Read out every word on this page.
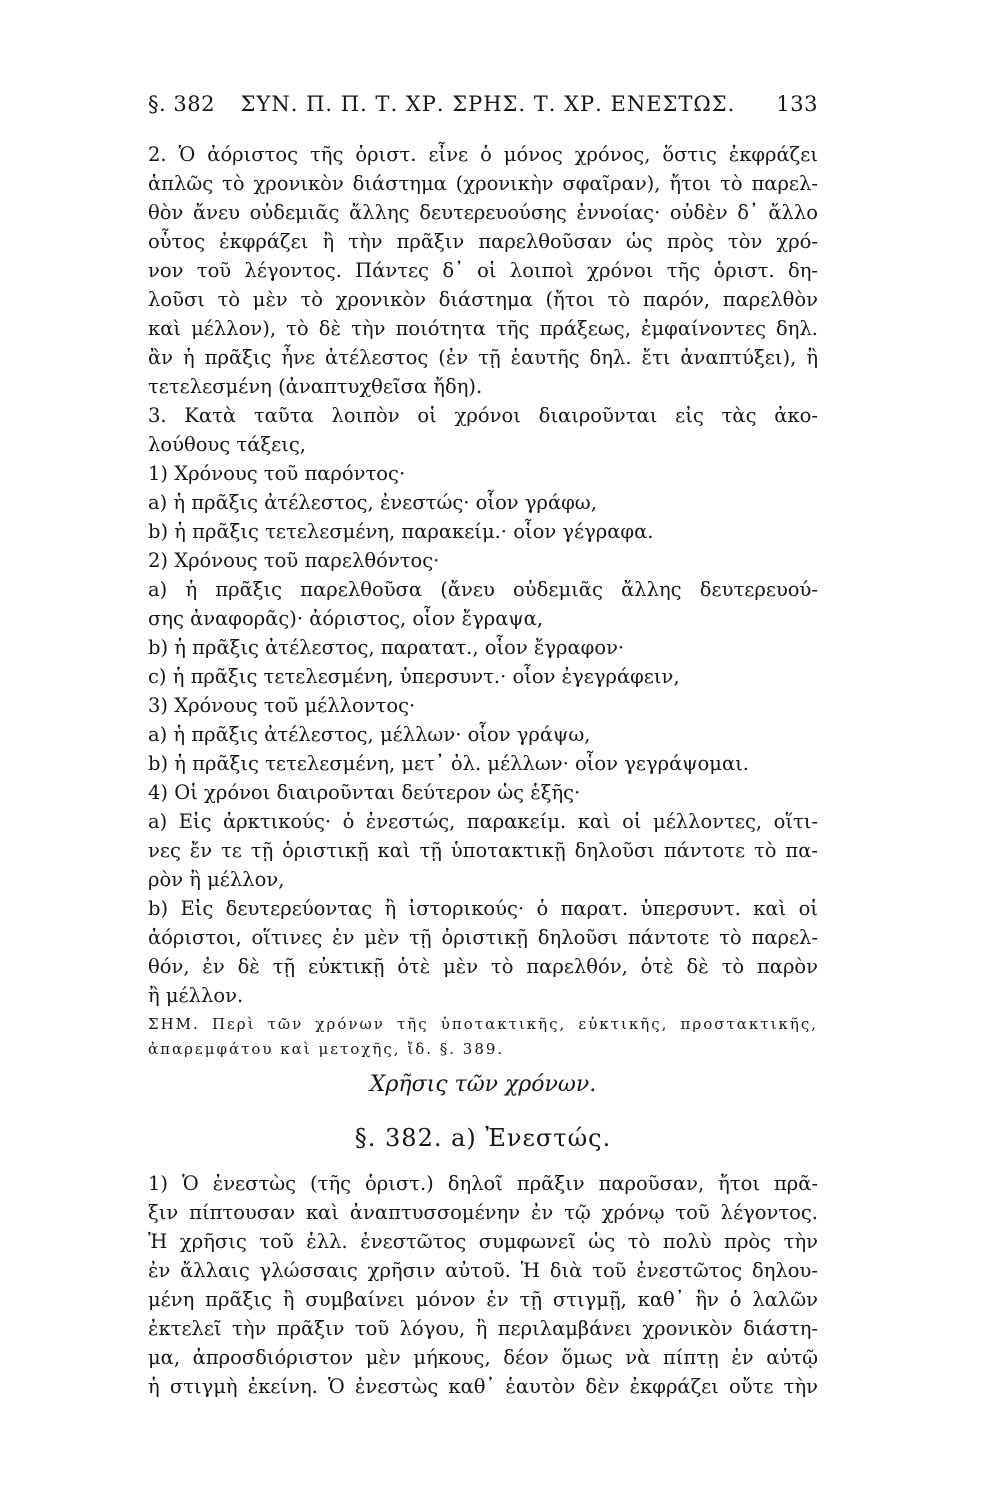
§. 382	ΣΥΝ. Π. Π. Τ. ΧΡ. ΣΡΗΣ. Τ. ΧΡ. ΕΝΕΣΤΩΣ.	133
2. Ὁ ἀόριστος τῆς ὁριστ. εἶνε ὁ μόνος χρόνος, ὅστις ἐκφράζει
ἁπλῶς τὸ χρονικὸν διάστημα (χρονικὴν σφαῖραν), ἤτοι τὸ παρελ-
θὸν ἄνευ οὐδεμιᾶς ἄλλης δευτερευούσης ἐννοίας· οὐδὲν δ᾽ ἄλλο
οὗτος ἐκφράζει ἢ τὴν πρᾶξιν παρελθοῦσαν ὡς πρὸς τὸν χρό-
νον τοῦ λέγοντος. Πάντες δ᾽ οἱ λοιποὶ χρόνοι τῆς ὁριστ. δη-
λοῦσι τὸ μὲν τὸ χρονικὸν διάστημα (ἤτοι τὸ παρόν, παρελθὸν
καὶ μέλλον), τὸ δὲ τὴν ποιότητα τῆς πράξεως, ἐμφαίνοντες δηλ.
ἂν ἡ πρᾶξις ἦνε ἀτέλεστος (ἐν τῇ ἑαυτῆς δηλ. ἔτι ἀναπτύξει), ἢ
τετελεσμένη (ἀναπτυχθεῖσα ἤδη).
3. Κατὰ ταῦτα λοιπὸν οἱ χρόνοι διαιροῦνται εἰς τὰς ἀκο-
λούθους τάξεις,
1) Χρόνους τοῦ παρόντος·
a) ἡ πρᾶξις ἀτέλεστος, ἐνεστώς· οἷον γράφω,
b) ἡ πρᾶξις τετελεσμένη, παρακείμ.· οἷον γέγραφα.
2) Χρόνους τοῦ παρελθόντος·
a) ἡ πρᾶξις παρελθοῦσα (ἄνευ οὐδεμιᾶς ἄλλης δευτερευού-
σης ἀναφορᾶς)· ἀόριστος, οἷον ἔγραψα,
b) ἡ πρᾶξις ἀτέλεστος, παρατατ., οἷον ἔγραφον·
c) ἡ πρᾶξις τετελεσμένη, ὑπερσυντ.· οἷον ἐγεγράφειν,
3) Χρόνους τοῦ μέλλοντος·
a) ἡ πρᾶξις ἀτέλεστος, μέλλων· οἷον γράψω,
b) ἡ πρᾶξις τετελεσμένη, μετ᾽ ὀλ. μέλλων· οἷον γεγράψομαι.
4) Οἱ χρόνοι διαιροῦνται δεύτερον ὡς ἑξῆς·
a) Εἰς ἀρκτικούς· ὁ ἐνεστώς, παρακείμ. καὶ οἱ μέλλοντες, οἵτι-
νες ἔν τε τῇ ὁριστικῇ καὶ τῇ ὑποτακτικῇ δηλοῦσι πάντοτε τὸ πα-
ρὸν ἢ μέλλον,
b) Εἰς δευτερεύοντας ἢ ἱστορικούς· ὁ παρατ. ὑπερσυντ. καὶ οἱ
ἀόριστοι, οἵτινες ἐν μὲν τῇ ὁριστικῇ δηλοῦσι πάντοτε τὸ παρελ-
θόν, ἐν δὲ τῇ εὐκτικῇ ὁτὲ μὲν τὸ παρελθόν, ὁτὲ δὲ τὸ παρὸν
ἢ μέλλον.
ΣΗΜ. Περὶ τῶν χρόνων τῆς ὑποτακτικῆς, εὐκτικῆς, προστακτικῆς,
ἀπαρεμφάτου καὶ μετοχῆς, ἴδ. §. 389.
Χρῆσις τῶν χρόνων.
§. 382. a) Ἐνεστώς.
1) Ὁ ἐνεστὼς (τῆς ὁριστ.) δηλοῖ πρᾶξιν παροῦσαν, ἤτοι πρᾶ-
ξιν πίπτουσαν καὶ ἀναπτυσσομένην ἐν τῷ χρόνῳ τοῦ λέγοντος.
Ἡ χρῆσις τοῦ ἑλλ. ἐνεστῶτος συμφωνεῖ ὡς τὸ πολὺ πρὸς τὴν
ἐν ἄλλαις γλώσσαις χρῆσιν αὐτοῦ. Ἡ διὰ τοῦ ἐνεστῶτος δηλου-
μένη πρᾶξις ἢ συμβαίνει μόνον ἐν τῇ στιγμῇ, καθ᾽ ἣν ὁ λαλῶν
ἐκτελεῖ τὴν πρᾶξιν τοῦ λόγου, ἢ περιλαμβάνει χρονικὸν διάστη-
μα, ἀπροσδιόριστον μὲν μήκους, δέον ὅμως νὰ πίπτῃ ἐν αὐτῷ
ἡ στιγμὴ ἐκείνη. Ὁ ἐνεστὼς καθ᾽ ἑαυτὸν δὲν ἐκφράζει οὔτε τὴν
